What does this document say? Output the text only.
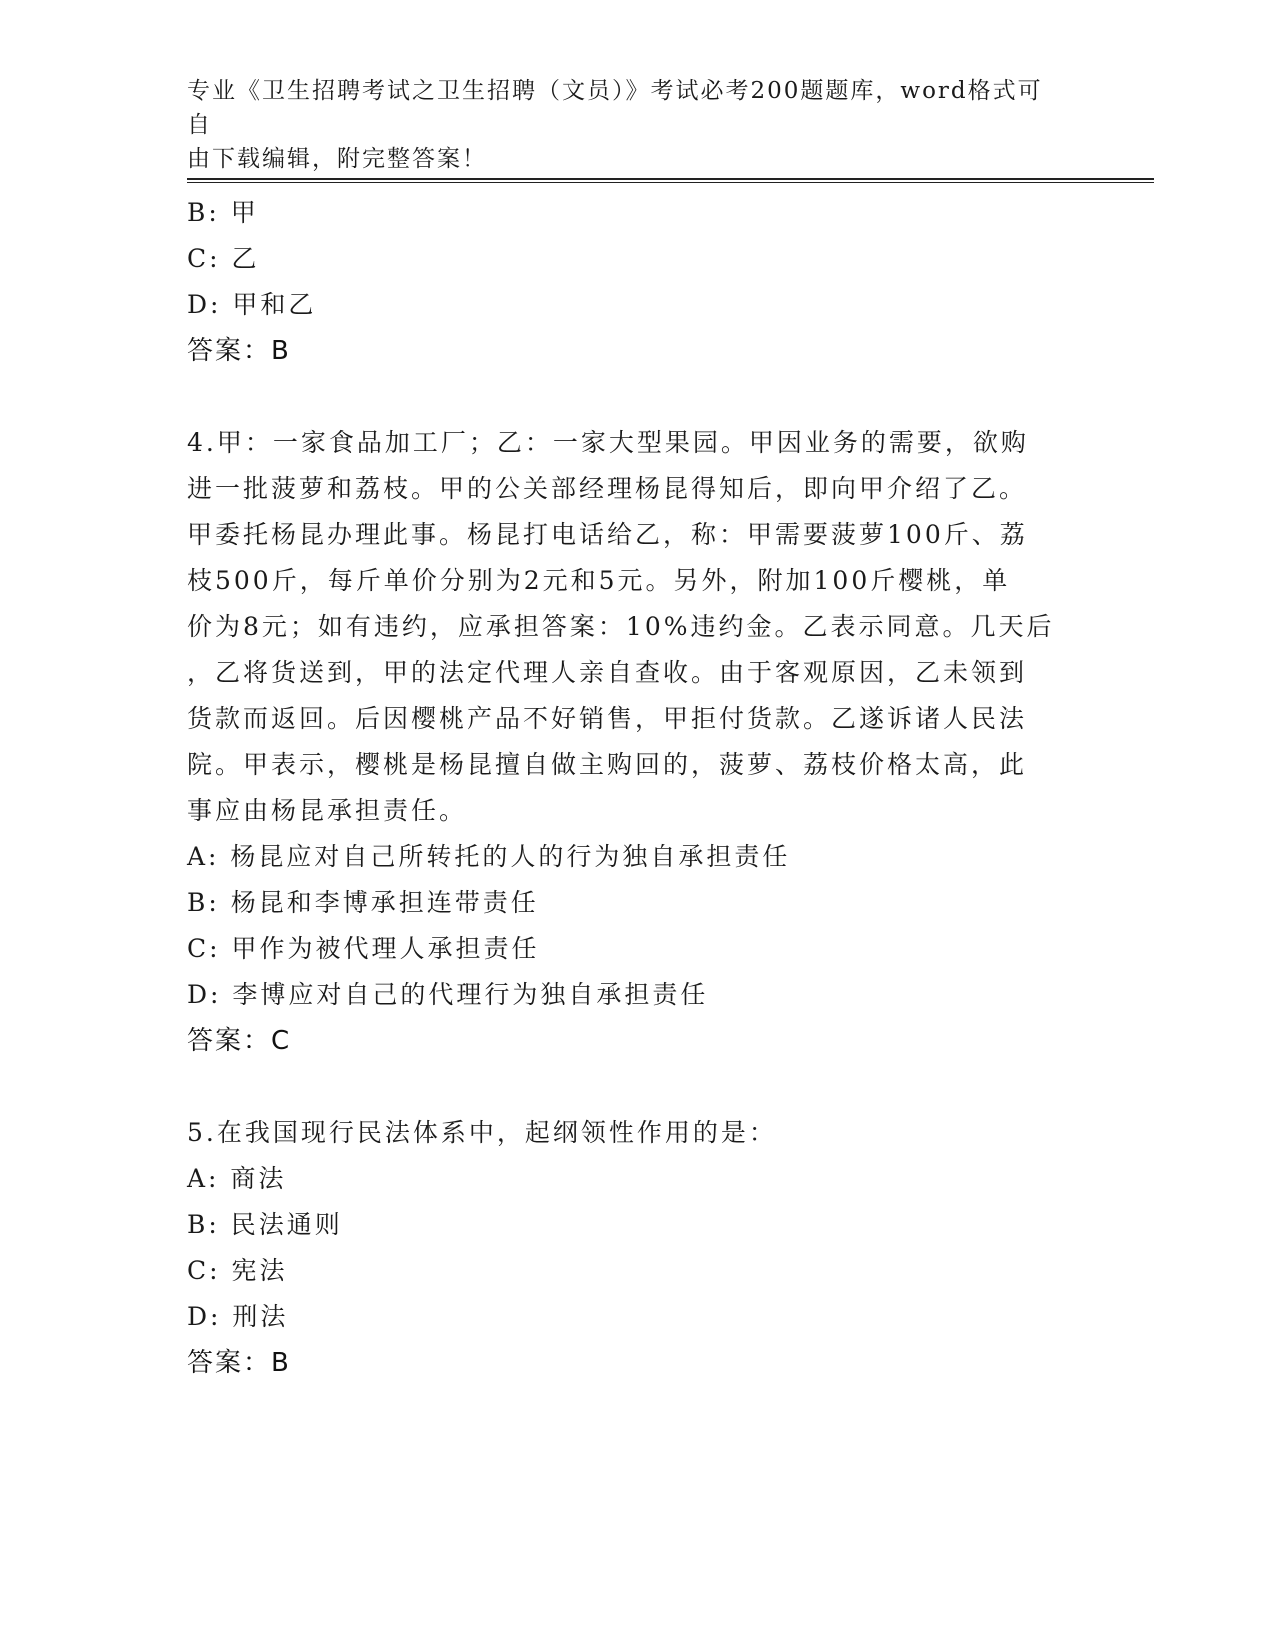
专业《卫生招聘考试之卫生招聘（文员）》考试必考200题题库，word格式可自
由下载编辑，附完整答案！
B: 甲
C: 乙
D: 甲和乙
答案：B
4.甲：一家食品加工厂；乙：一家大型果园。甲因业务的需要，欲购
进一批菠萝和荔枝。甲的公关部经理杨昆得知后，即向甲介绍了乙。
甲委托杨昆办理此事。杨昆打电话给乙，称：甲需要菠萝100斤、荔
枝500斤，每斤单价分别为2元和5元。另外，附加100斤樱桃，单
价为8元；如有违约，应承担答案：10%违约金。乙表示同意。几天后
，乙将货送到，甲的法定代理人亲自查收。由于客观原因，乙未领到
货款而返回。后因樱桃产品不好销售，甲拒付货款。乙遂诉诸人民法
院。甲表示，樱桃是杨昆擅自做主购回的，菠萝、荔枝价格太高，此
事应由杨昆承担责任。
A: 杨昆应对自己所转托的人的行为独自承担责任
B: 杨昆和李博承担连带责任
C: 甲作为被代理人承担责任
D: 李博应对自己的代理行为独自承担责任
答案：C
5.在我国现行民法体系中，起纲领性作用的是：
A: 商法
B: 民法通则
C: 宪法
D: 刑法
答案：B
